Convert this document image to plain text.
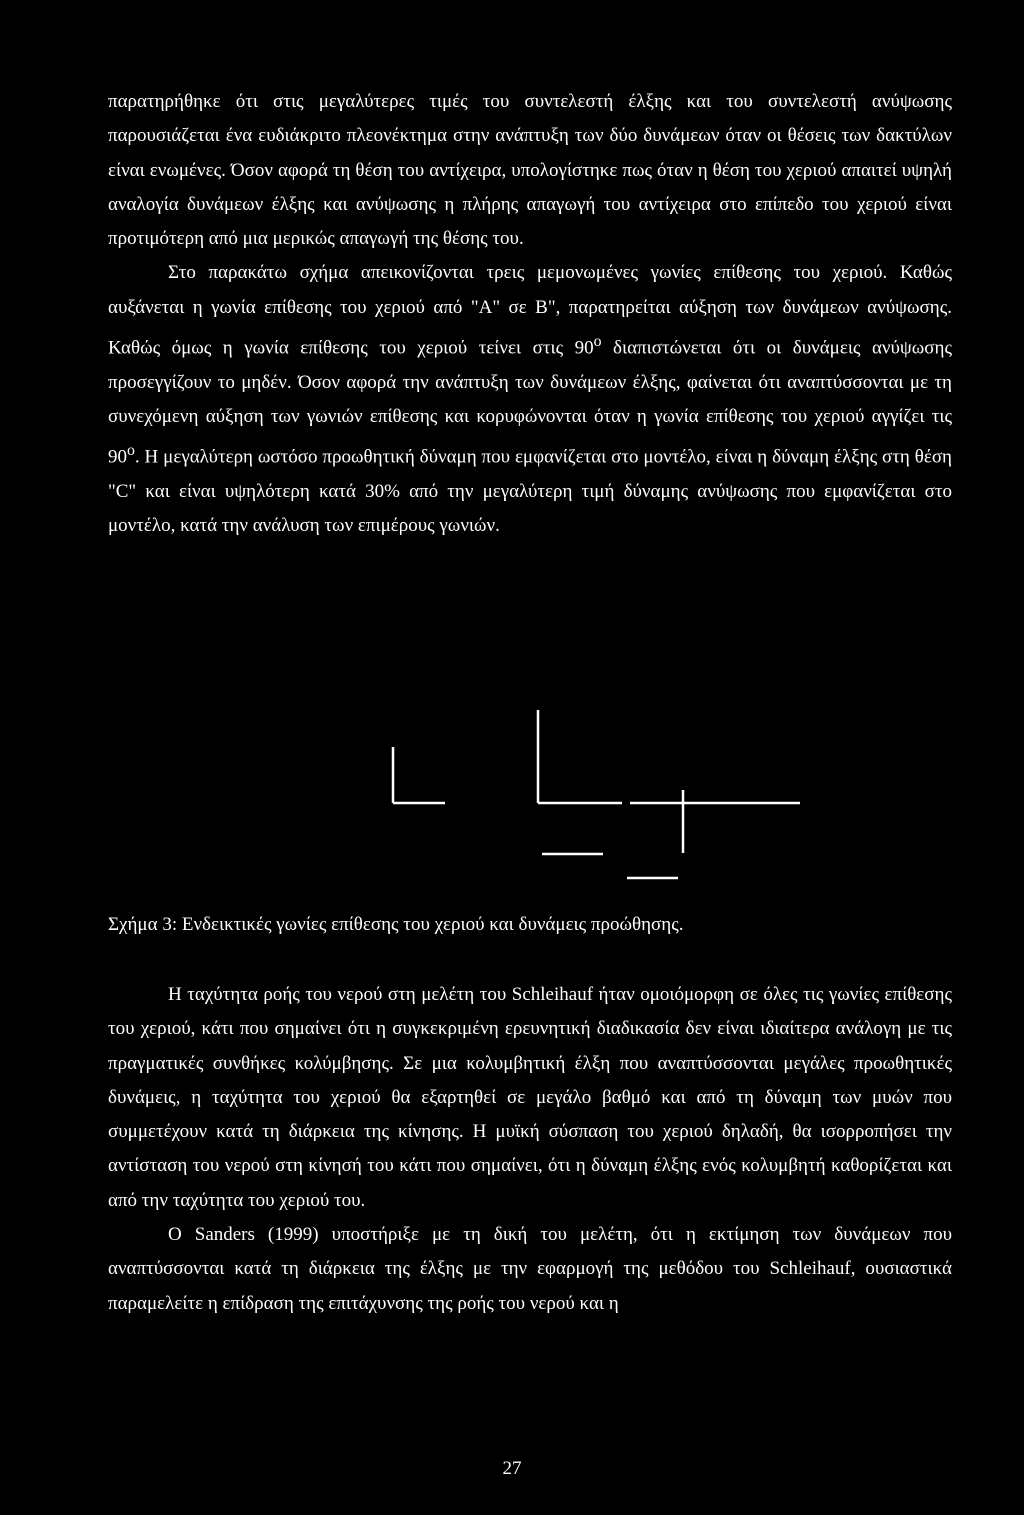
παρατηρήθηκε ότι στις μεγαλύτερες τιμές του συντελεστή έλξης και του συντελεστή ανύψωσης παρουσιάζεται ένα ευδιάκριτο πλεονέκτημα στην ανάπτυξη των δύο δυνάμεων όταν οι θέσεις των δακτύλων είναι ενωμένες. Όσον αφορά τη θέση του αντίχειρα, υπολογίστηκε πως όταν η θέση του χεριού απαιτεί υψηλή αναλογία δυνάμεων έλξης και ανύψωσης η πλήρης απαγωγή του αντίχειρα στο επίπεδο του χεριού είναι προτιμότερη από μια μερικώς απαγωγή της θέσης του.

Στο παρακάτω σχήμα απεικονίζονται τρεις μεμονωμένες γωνίες επίθεσης του χεριού. Καθώς αυξάνεται η γωνία επίθεσης του χεριού από "Α" σε Β", παρατηρείται αύξηση των δυνάμεων ανύψωσης. Καθώς όμως η γωνία επίθεσης του χεριού τείνει στις $90^o$ διαπιστώνεται ότι οι δυνάμεις ανύψωσης προσεγγίζουν το μηδέν. Όσον αφορά την ανάπτυξη των δυνάμεων έλξης, φαίνεται ότι αναπτύσσονται με τη συνεχόμενη αύξηση των γωνιών επίθεσης και κορυφώνονται όταν η γωνία επίθεσης του χεριού αγγίζει τις $90^o$. Η μεγαλύτερη ωστόσο προωθητική δύναμη που εμφανίζεται στο μοντέλο, είναι η δύναμη έλξης στη θέση "C" και είναι υψηλότερη κατά 30% από την μεγαλύτερη τιμή δύναμης ανύψωσης που εμφανίζεται στο μοντέλο, κατά την ανάλυση των επιμέρους γωνιών.

Σχήμα 3: Ενδεικτικές γωνίες επίθεσης του χεριού και δυνάμεις προώθησης.

Η ταχύτητα ροής του νερού στη μελέτη του Schleihauf ήταν ομοιόμορφη σε όλες τις γωνίες επίθεσης του χεριού, κάτι που σημαίνει ότι η συγκεκριμένη ερευνητική διαδικασία δεν είναι ιδιαίτερα ανάλογη με τις πραγματικές συνθήκες κολύμβησης. Σε μια κολυμβητική έλξη που αναπτύσσονται μεγάλες προωθητικές δυνάμεις, η ταχύτητα του χεριού θα εξαρτηθεί σε μεγάλο βαθμό και από τη δύναμη των μυών που συμμετέχουν κατά τη διάρκεια της κίνησης. Η μυϊκή σύσπαση του χεριού δηλαδή, θα ισορροπήσει την αντίσταση του νερού στη κίνησή του κάτι που σημαίνει, ότι η δύναμη έλξης ενός κολυμβητή καθορίζεται και από την ταχύτητα του χεριού του.

Ο Sanders (1999) υποστήριξε με τη δική του μελέτη, ότι η εκτίμηση των δυνάμεων που αναπτύσσονται κατά τη διάρκεια της έλξης με την εφαρμογή της μεθόδου του Schleihauf, ουσιαστικά παραμελείτε η επίδραση της επιτάχυνσης της ροής του νερού και η

27
